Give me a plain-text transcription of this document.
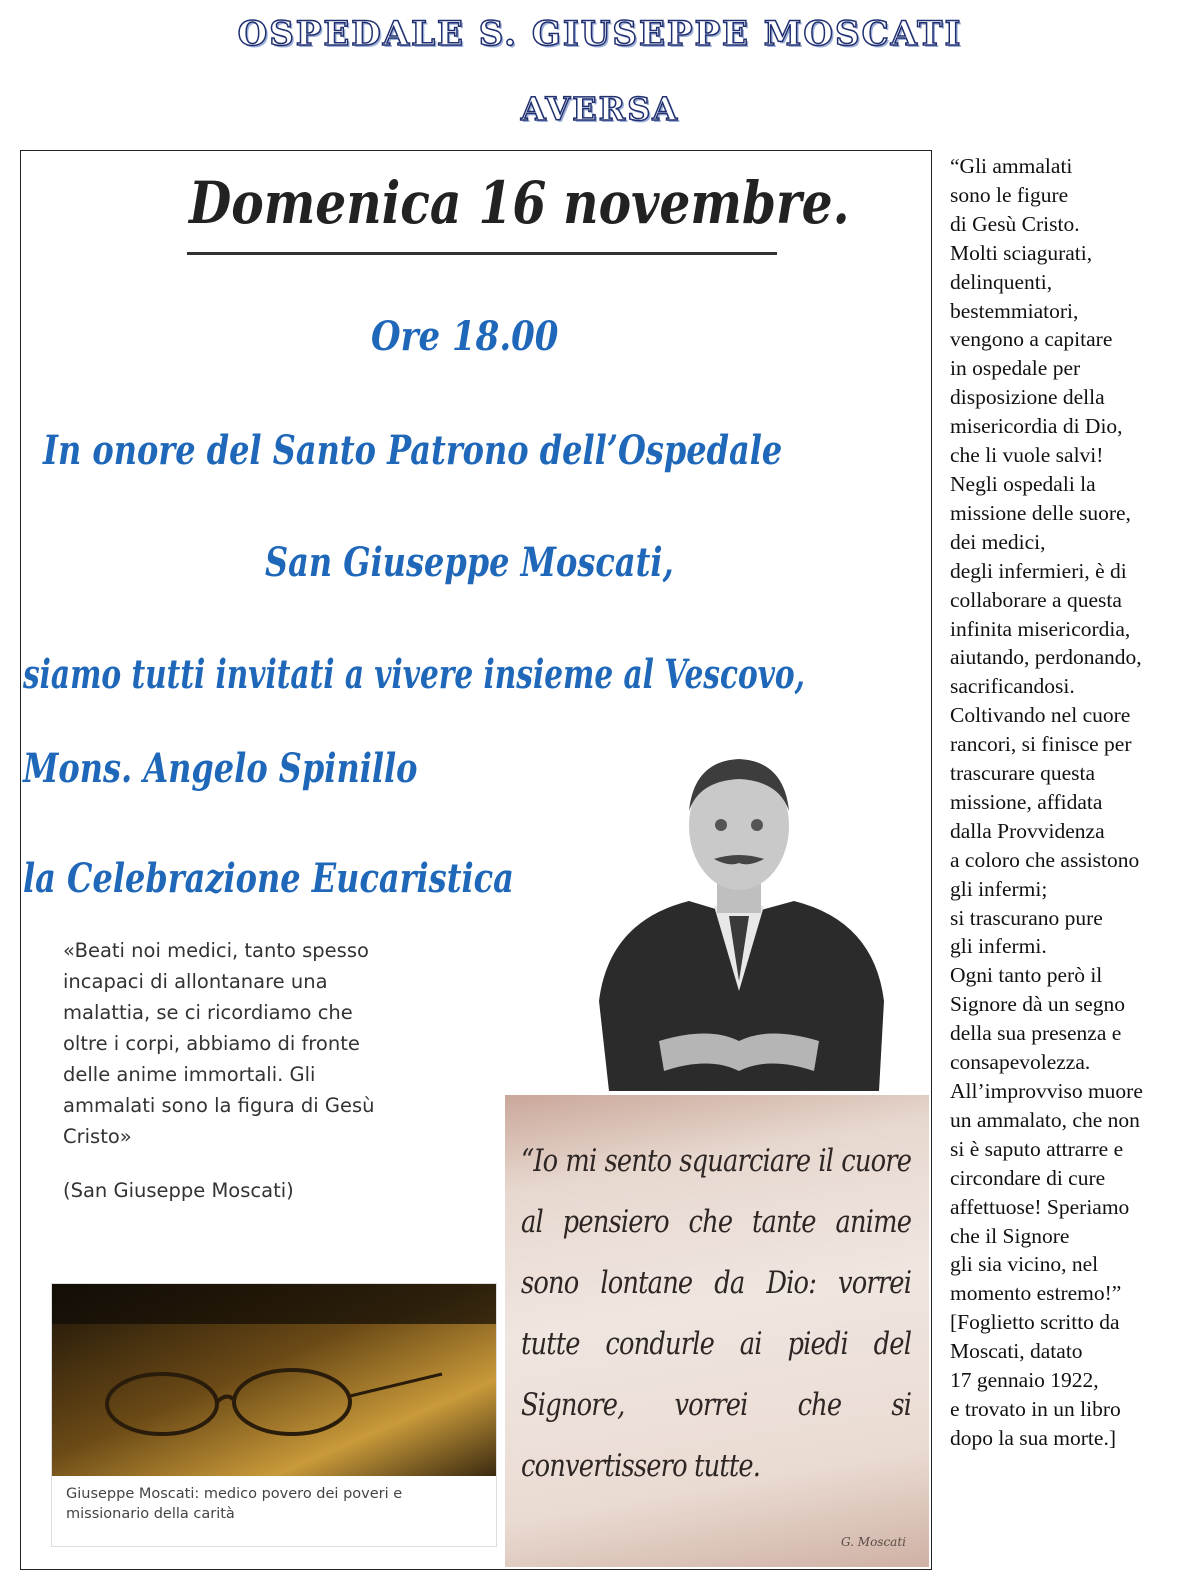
OSPEDALE S. GIUSEPPE MOSCATI
AVERSA
Domenica 16 novembre.
Ore 18.00
In onore del Santo Patrono dell’Ospedale
San Giuseppe Moscati,
siamo tutti invitati a vivere insieme al Vescovo,
Mons. Angelo Spinillo
la Celebrazione Eucaristica
«Beati noi medici, tanto spesso
incapaci di allontanare una
malattia, se ci ricordiamo che
oltre i corpi, abbiamo di fronte
delle anime immortali. Gli
ammalati sono la figura di Gesù
Cristo»
(San Giuseppe Moscati)
Giuseppe Moscati: medico povero dei poveri e missionario della carità
“Io mi sento squarciare il cuore al pensiero che tante anime sono lontane da Dio: vorrei tutte condurle ai piedi del Signore, vorrei che si convertissero tutte.
G. Moscati
“Gli ammalati
sono le figure
di Gesù Cristo.
Molti sciagurati,
delinquenti,
bestemmiatori,
vengono a capitare
in ospedale per
disposizione della
misericordia di Dio,
che li vuole salvi!
Negli ospedali la
missione delle suore,
dei medici,
degli infermieri, è di
collaborare a questa
infinita misericordia,
aiutando, perdonando,
sacrificandosi.
Coltivando nel cuore
rancori, si finisce per
trascurare questa
missione, affidata
dalla Provvidenza
a coloro che assistono
gli infermi;
si trascurano pure
gli infermi.
Ogni tanto però il
Signore dà un segno
della sua presenza e
consapevolezza.
All’improvviso muore
un ammalato, che non
si è saputo attrarre e
circondare di cure
affettuose! Speriamo
che il Signore
gli sia vicino, nel
momento estremo!”
[Foglietto scritto da
Moscati, datato
17 gennaio 1922,
e trovato in un libro
dopo la sua morte.]
